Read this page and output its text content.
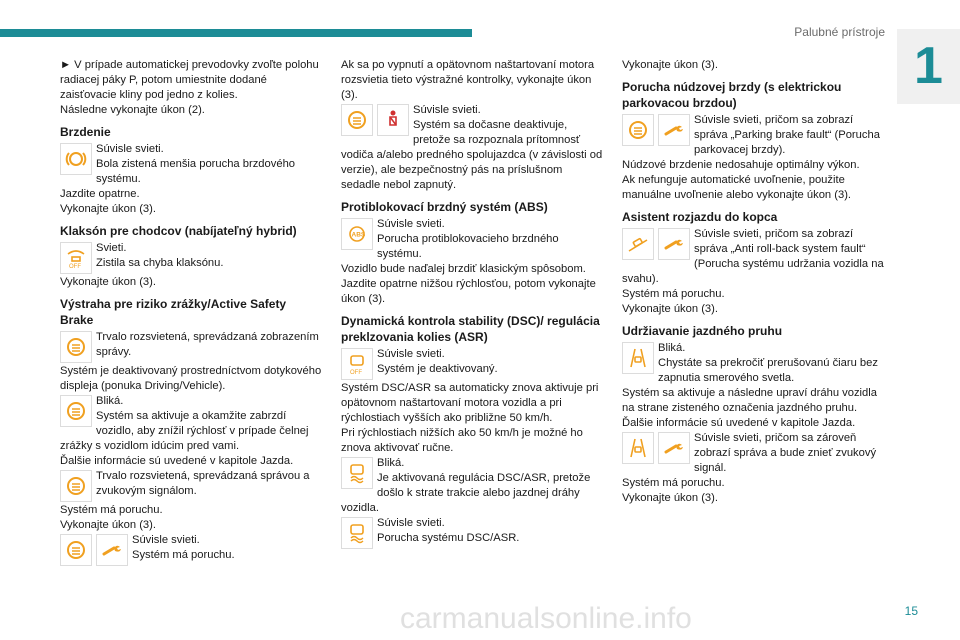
Palubné prístroje
1

► V prípade automatickej prevodovky zvoľte polohu radiacej páky P, potom umiestnite dodané zaisťovacie kliny pod jedno z kolies.

Následne vykonajte úkon (2).

Brzdenie
Súvisle svieti.
Bola zistená menšia porucha brzdového systému.
Jazdite opatrne.
Vykonajte úkon (3).
Klaksón pre chodcov (nabíjateľný hybrid)
OFF
Svieti.
Zistila sa chyba klaksónu.
Vykonajte úkon (3).
Výstraha pre riziko zrážky/Active Safety Brake
Trvalo rozsvietená, sprevádzaná zobrazením správy.
Systém je deaktivovaný prostredníctvom dotykového displeja (ponuka Driving/Vehicle).
Bliká.
Systém sa aktivuje a okamžite zabrzdí vozidlo, aby znížil rýchlosť v prípade čelnej zrážky s vozidlom idúcim pred vami.
Ďalšie informácie sú uvedené v kapitole Jazda.
Trvalo rozsvietená, sprevádzaná správou a zvukovým signálom.
Systém má poruchu.
Vykonajte úkon (3).
Súvisle svieti.
Systém má poruchu.

Ak sa po vypnutí a opätovnom naštartovaní motora rozsvietia tieto výstražné kontrolky, vykonajte úkon (3).

Súvisle svieti.
Systém sa dočasne deaktivuje, pretože sa rozpoznala prítomnosť vodiča a/alebo predného spolujazdca (v závislosti od verzie), ale bezpečnostný pás na príslušnom sedadle nebol zapnutý.
Protiblokovací brzdný systém (ABS)
ABS
Súvisle svieti.
Porucha protiblokovacieho brzdného systému.
Vozidlo bude naďalej brzdiť klasickým spôsobom.
Jazdite opatrne nižšou rýchlosťou, potom vykonajte úkon (3).
Dynamická kontrola stability (DSC)/ regulácia preklzovania kolies (ASR)
OFF
Súvisle svieti.
Systém je deaktivovaný.
Systém DSC/ASR sa automaticky znova aktivuje pri opätovnom naštartovaní motora vozidla a pri rýchlostiach vyšších ako približne 50 km/h.
Pri rýchlostiach nižších ako 50 km/h je možné ho znova aktivovať ručne.
Bliká.
Je aktivovaná regulácia DSC/ASR, pretože došlo k strate trakcie alebo jazdnej dráhy vozidla.
Súvisle svieti.
Porucha systému DSC/ASR.

Vykonajte úkon (3).

Porucha núdzovej brzdy (s elektrickou parkovacou brzdou)
Súvisle svieti, pričom sa zobrazí správa „Parking brake fault“ (Porucha parkovacej brzdy).
Núdzové brzdenie nedosahuje optimálny výkon.
Ak nefunguje automatické uvoľnenie, použite manuálne uvoľnenie alebo vykonajte úkon (3).
Asistent rozjazdu do kopca
Súvisle svieti, pričom sa zobrazí správa „Anti roll-back system fault“ (Porucha systému udržania vozidla na svahu).
Systém má poruchu.
Vykonajte úkon (3).
Udržiavanie jazdného pruhu
Bliká.
Chystáte sa prekročiť prerušovanú čiaru bez zapnutia smerového svetla.
Systém sa aktivuje a následne upraví dráhu vozidla na strane zisteného označenia jazdného pruhu.
Ďalšie informácie sú uvedené v kapitole Jazda.
Súvisle svieti, pričom sa zároveň zobrazí správa a bude znieť zvukový signál.
Systém má poruchu.
Vykonajte úkon (3).
carmanualsonline.info	15
